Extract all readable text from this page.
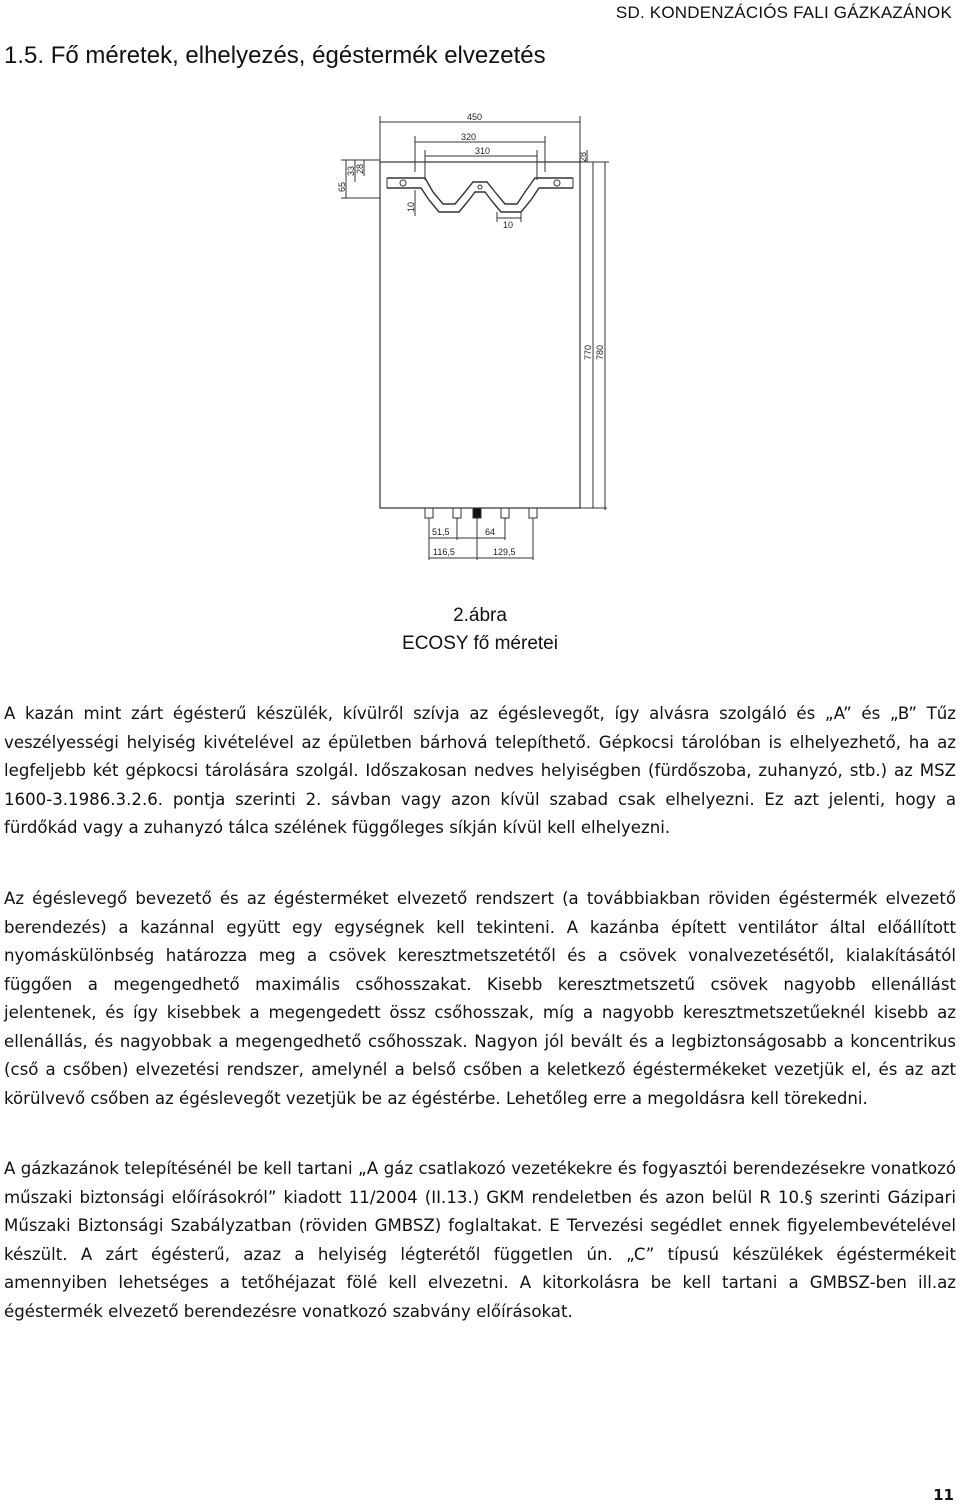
SD. KONDENZÁCIÓS FALI GÁZKAZÁNOK
1.5. Fő méretek, elhelyezés, égéstermék elvezetés
450
320
310
65
33 28
28
10
10
770 780
51,5	64
116,5	129,5
2.ábra
ECOSY fő méretei

A kazán mint zárt égésterű készülék, kívülről szívja az égéslevegőt, így alvásra szolgáló és „A” és „B” Tűz veszélyességi helyiség kivételével az épületben bárhová telepíthető. Gépkocsi tárolóban is elhelyezhető, ha az legfeljebb két gépkocsi tárolására szolgál. Időszakosan nedves helyiségben (fürdőszoba, zuhanyzó, stb.) az MSZ 1600-3.1986.3.2.6. pontja szerinti 2. sávban vagy azon kívül szabad csak elhelyezni. Ez azt jelenti, hogy a fürdőkád vagy a zuhanyzó tálca szélének függőleges síkján kívül kell elhelyezni.

Az égéslevegő bevezető és az égésterméket elvezető rendszert (a továbbiakban röviden égéstermék elvezető berendezés) a kazánnal együtt egy egységnek kell tekinteni. A kazánba épített ventilátor által előállított nyomáskülönbség határozza meg a csövek keresztmetszetétől és a csövek vonalvezetésétől, kialakításától függően a megengedhető maximális csőhosszakat. Kisebb keresztmetszetű csövek nagyobb ellenállást jelentenek, és így kisebbek a megengedett össz csőhosszak, míg a nagyobb keresztmetszetűeknél kisebb az ellenállás, és nagyobbak a megengedhető csőhosszak. Nagyon jól bevált és a legbiztonságosabb a koncentrikus (cső a csőben) elvezetési rendszer, amelynél a belső csőben a keletkező égéstermékeket vezetjük el, és az azt körülvevő csőben az égéslevegőt vezetjük be az égéstérbe. Lehetőleg erre a megoldásra kell törekedni.

A gázkazánok telepítésénél be kell tartani „A gáz csatlakozó vezetékekre és fogyasztói berendezésekre vonatkozó műszaki biztonsági előírásokról” kiadott 11/2004 (II.13.) GKM rendeletben és azon belül R 10.§ szerinti Gázipari Műszaki Biztonsági Szabályzatban (röviden GMBSZ) foglaltakat. E Tervezési segédlet ennek figyelembevételével készült. A zárt égésterű, azaz a helyiség légterétől független ún. „C” típusú készülékek égéstermékeit amennyiben lehetséges a tetőhéjazat fölé kell elvezetni. A kitorkolásra be kell tartani a GMBSZ-ben ill.az égéstermék elvezető berendezésre vonatkozó szabvány előírásokat.

11
